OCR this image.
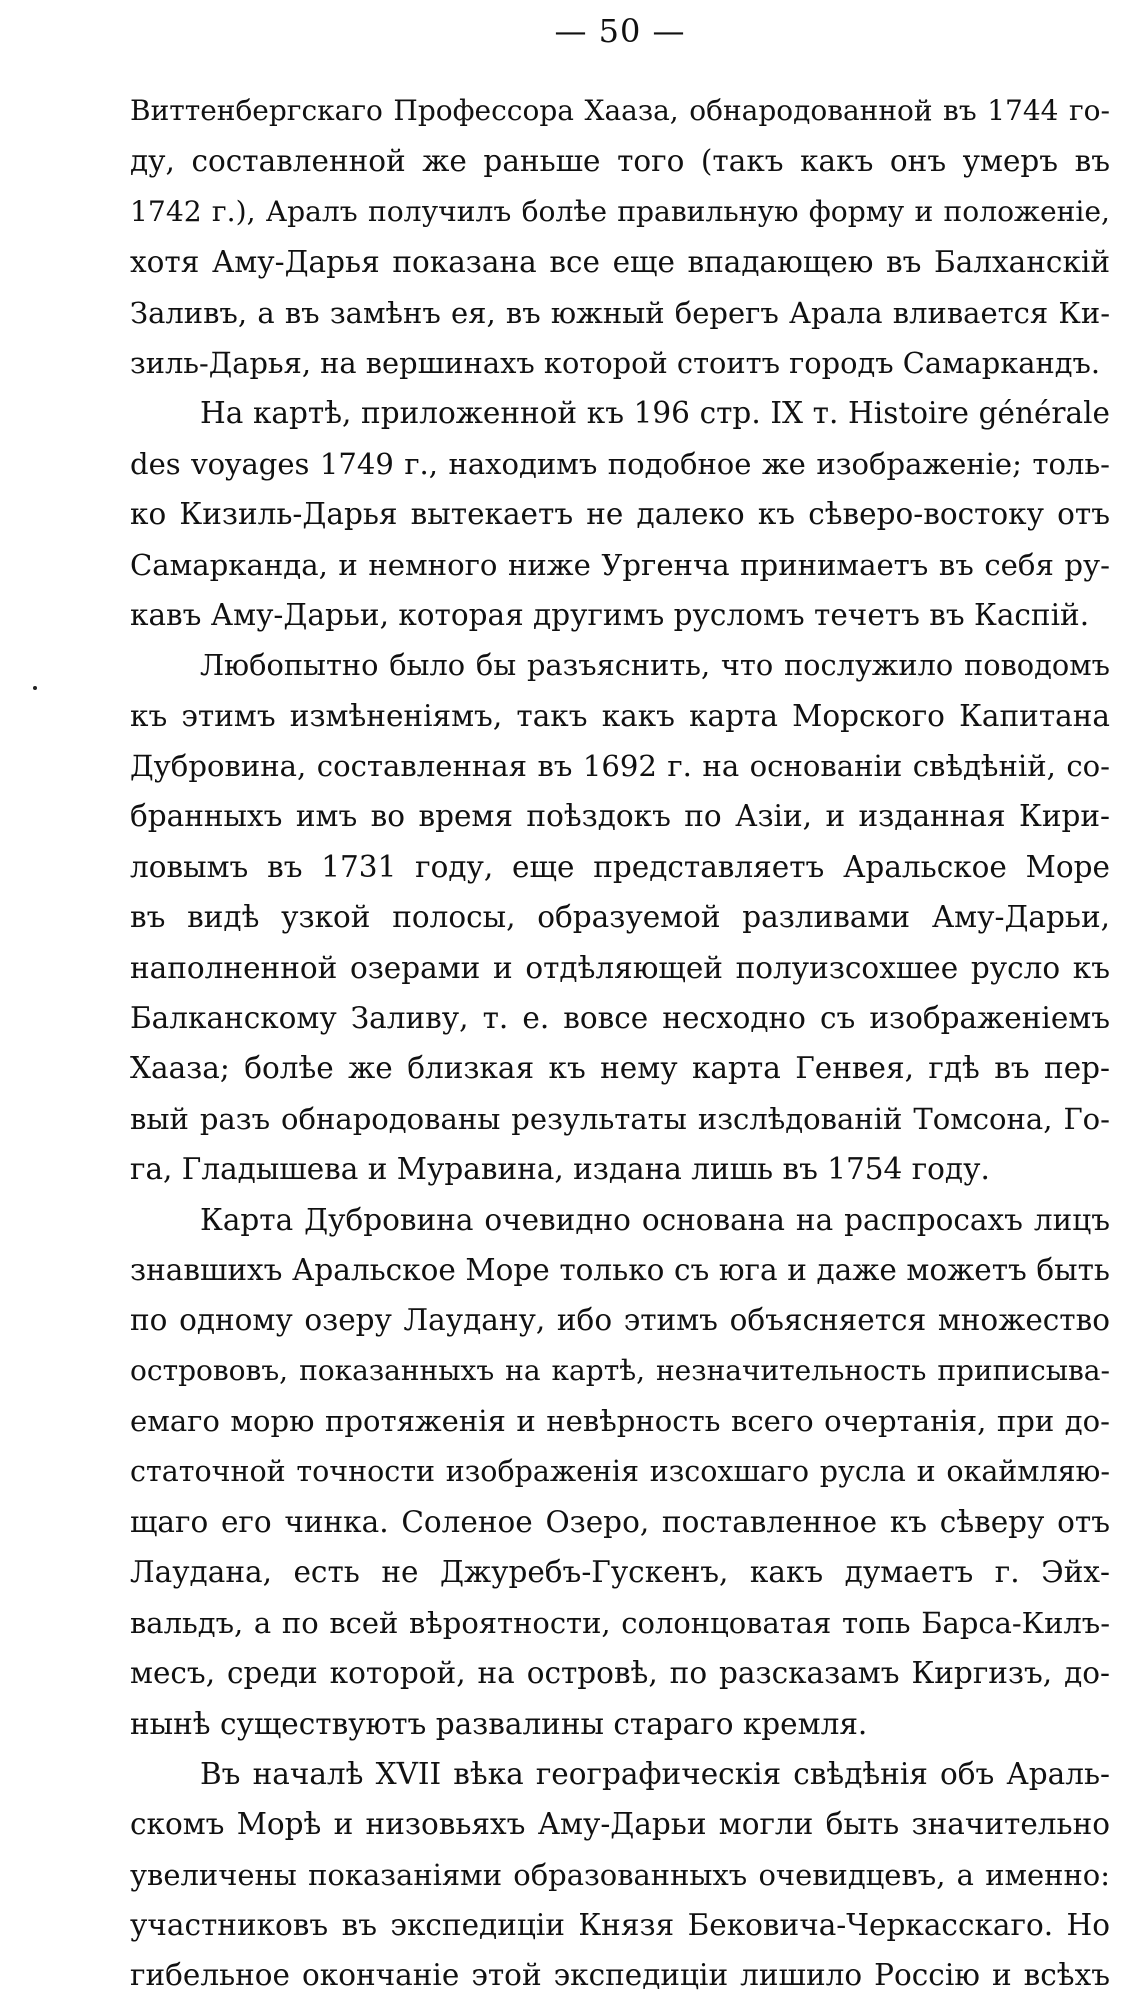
— 50 —
Виттенбергскаго Профессора Хааза, обнародованной въ 1744 го-
ду, составленной же раньше того (такъ какъ онъ умеръ въ
1742 г.), Аралъ получилъ болѣе правильную форму и положеніе,
хотя Аму-Дарья показана все еще впадающею въ Балханскій
Заливъ, а въ замѣнъ ея, въ южный берегъ Арала вливается Ки-
зиль-Дарья, на вершинахъ которой стоитъ городъ Самаркандъ.
На картѣ, приложенной къ 196 стр. IX т. Histoire générale
des voyages 1749 г., находимъ подобное же изображеніе; толь-
ко Кизиль-Дарья вытекаетъ не далеко къ сѣверо-востоку отъ
Самарканда, и немного ниже Ургенча принимаетъ въ себя ру-
кавъ Аму-Дарьи, которая другимъ русломъ течетъ въ Каспій.
Любопытно было бы разъяснить, что послужило поводомъ
къ этимъ измѣненіямъ, такъ какъ карта Морского Капитана
Дубровина, составленная въ 1692 г. на основаніи свѣдѣній, со-
бранныхъ имъ во время поѣздокъ по Азіи, и изданная Кири-
ловымъ въ 1731 году, еще представляетъ Аральское Море
въ видѣ узкой полосы, образуемой разливами Аму-Дарьи,
наполненной озерами и отдѣляющей полуизсохшее русло къ
Балканскому Заливу, т. е. вовсе несходно съ изображеніемъ
Хааза; болѣе же близкая къ нему карта Генвея, гдѣ въ пер-
вый разъ обнародованы результаты изслѣдованій Томсона, Го-
га, Гладышева и Муравина, издана лишь въ 1754 году.
Карта Дубровина очевидно основана на распросахъ лицъ
знавшихъ Аральское Море только съ юга и даже можетъ быть
по одному озеру Лаудану, ибо этимъ объясняется множество
острововъ, показанныхъ на картѣ, незначительность приписыва-
емаго морю протяженія и невѣрность всего очертанія, при до-
статочной точности изображенія изсохшаго русла и окаймляю-
щаго его чинка. Соленое Озеро, поставленное къ сѣверу отъ
Лаудана, есть не Джуребъ-Гускенъ, какъ думаетъ г. Эйх-
вальдъ, а по всей вѣроятности, солонцоватая топь Барса-Килъ-
месъ, среди которой, на островѣ, по разсказамъ Киргизъ, до-
нынѣ существуютъ развалины стараго кремля.
Въ началѣ XVII вѣка географическія свѣдѣнія объ Араль-
скомъ Морѣ и низовьяхъ Аму-Дарьи могли быть значительно
увеличены показаніями образованныхъ очевидцевъ, а именно:
участниковъ въ экспедиціи Князя Бековича-Черкасскаго. Но
гибельное окончаніе этой экспедиціи лишило Россію и всѣхъ
